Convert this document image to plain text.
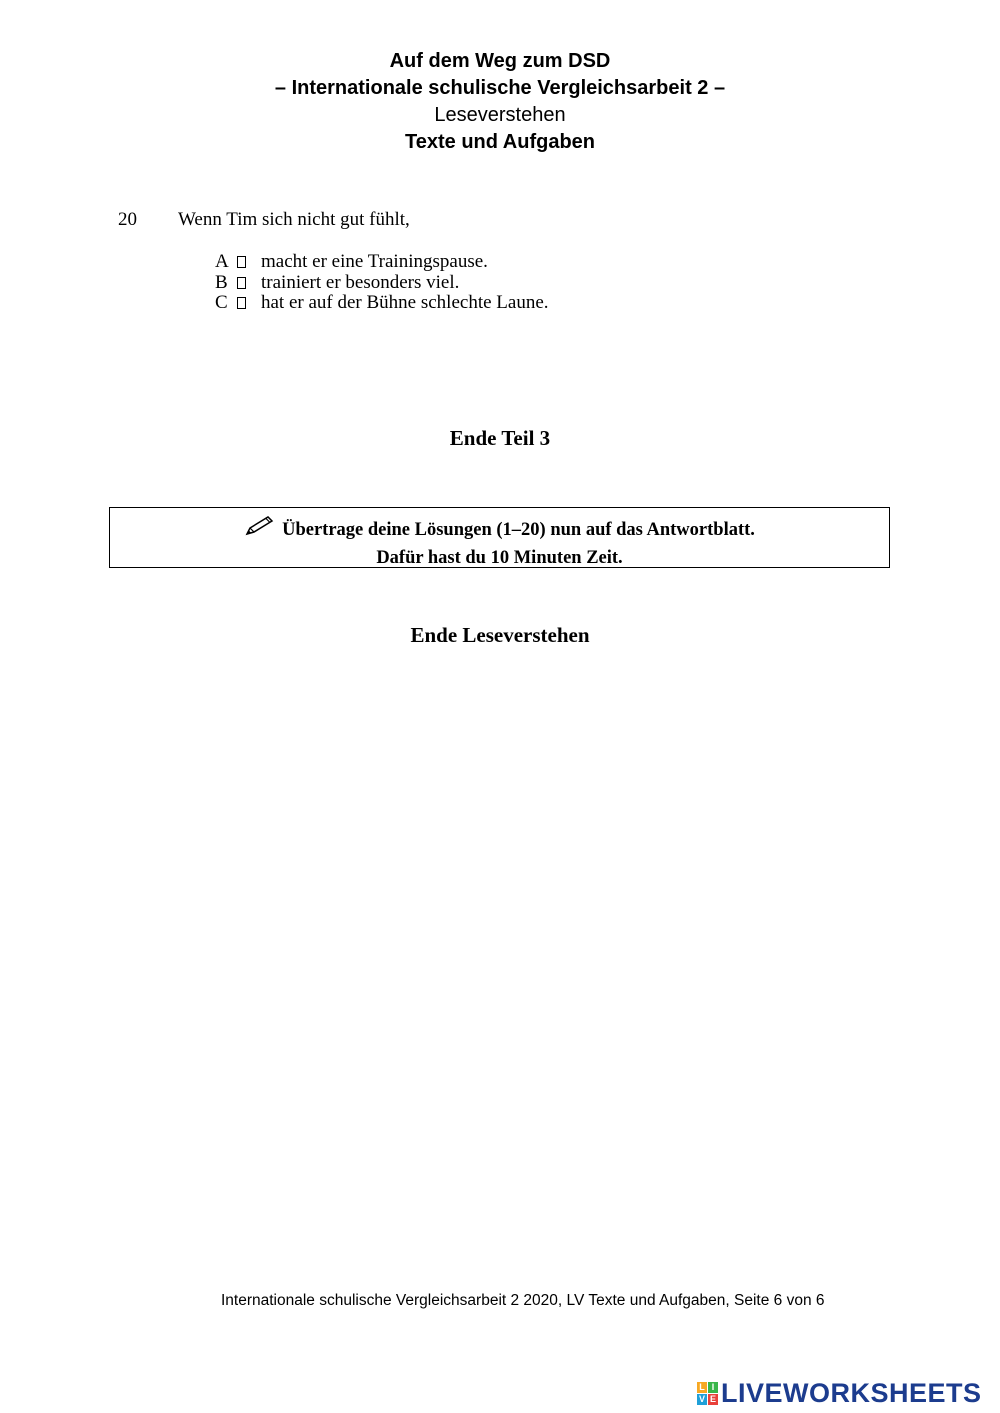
Auf dem Weg zum DSD
– Internationale schulische Vergleichsarbeit 2 –
Leseverstehen
Texte und Aufgaben
20 Wenn Tim sich nicht gut fühlt,
A	macht er eine Trainingspause.
B	trainiert er besonders viel.
C	hat er auf der Bühne schlechte Laune.
Ende Teil 3
Übertrage deine Lösungen (1–20) nun auf das Antwortblatt.
Dafür hast du 10 Minuten Zeit.
Ende Leseverstehen
Internationale schulische Vergleichsarbeit 2 2020, LV Texte und Aufgaben, Seite 6 von 6
L I
V E LIVEWORKSHEETS
